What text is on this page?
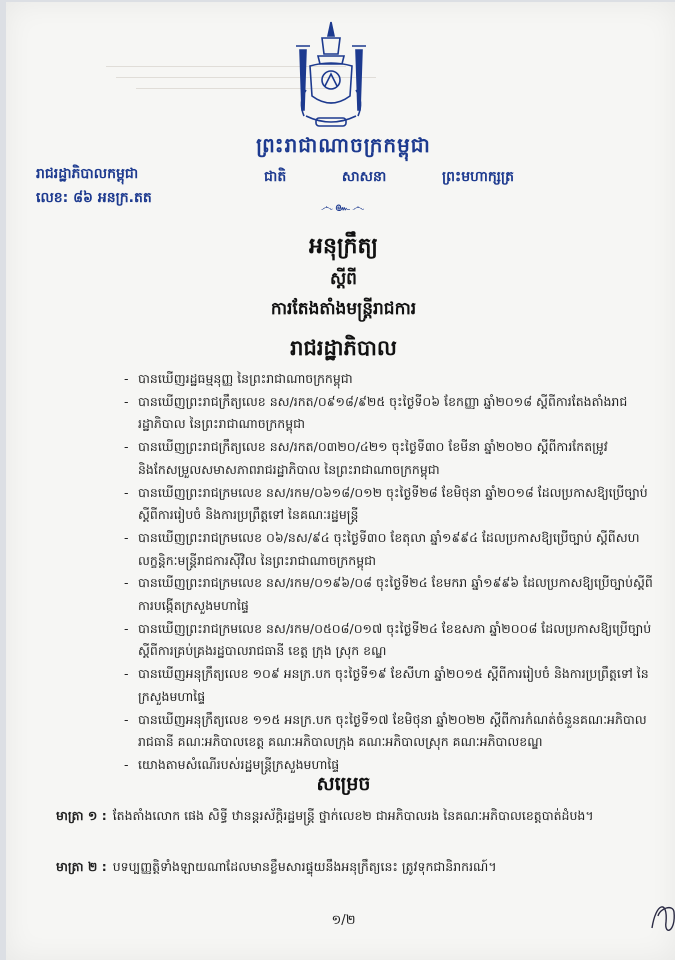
ព្រះរាជាណាចក្រកម្ពុជា
ជាតិ	សាសនា	ព្រះមហាក្សត្រ
෴๛෴
រាជរដ្ឋាភិបាលកម្ពុជា
លេខ: ៨៦ អនក្រ.តត
អនុក្រឹត្យ
ស្តីពី
ការតែងតាំងមន្ត្រីរាជការ
រាជរដ្ឋាភិបាល
- បានឃើញរដ្ឋធម្មនុញ្ញ នៃព្រះរាជាណាចក្រកម្ពុជា
- បានឃើញព្រះរាជក្រឹត្យលេខ នស/រកត/០៩១៨/៩២៥ ចុះថ្ងៃទី០៦ ខែកញ្ញា ឆ្នាំ២០១៨ ស្តីពីការតែងតាំងរាជរដ្ឋាភិបាល នៃព្រះរាជាណាចក្រកម្ពុជា
- បានឃើញព្រះរាជក្រឹត្យលេខ នស/រកត/០៣២០/៤២១ ចុះថ្ងៃទី៣០ ខែមីនា ឆ្នាំ២០២០ ស្តីពីការកែតម្រូវ និងកែសម្រួលសមាសភាពរាជរដ្ឋាភិបាល នៃព្រះរាជាណាចក្រកម្ពុជា
- បានឃើញព្រះរាជក្រមលេខ នស/រកម/០៦១៨/០១២ ចុះថ្ងៃទី២៨ ខែមិថុនា ឆ្នាំ២០១៨ ដែលប្រកាសឱ្យប្រើច្បាប់ស្តីពីការរៀបចំ និងការប្រព្រឹត្តទៅ នៃគណៈរដ្ឋមន្ត្រី
- បានឃើញព្រះរាជក្រមលេខ ០៦/នស/៩៤ ចុះថ្ងៃទី៣០ ខែតុលា ឆ្នាំ១៩៩៤ ដែលប្រកាសឱ្យប្រើច្បាប់ ស្តីពីសហលក្ខន្តិកៈមន្ត្រីរាជការស៊ីវិល នៃព្រះរាជាណាចក្រកម្ពុជា
- បានឃើញព្រះរាជក្រមលេខ នស/រកម/០១៩៦/០៨ ចុះថ្ងៃទី២៤ ខែមករា ឆ្នាំ១៩៩៦ ដែលប្រកាសឱ្យប្រើច្បាប់ស្តីពីការបង្កើតក្រសួងមហាផ្ទៃ
- បានឃើញព្រះរាជក្រមលេខ នស/រកម/០៥០៨/០១៧ ចុះថ្ងៃទី២៤ ខែឧសភា ឆ្នាំ២០០៨ ដែលប្រកាសឱ្យប្រើច្បាប់ស្តីពីការគ្រប់គ្រងរដ្ឋបាលរាជធានី ខេត្ត ក្រុង ស្រុក ខណ្ឌ
- បានឃើញអនុក្រឹត្យលេខ ១០៩ អនក្រ.បក ចុះថ្ងៃទី១៩ ខែសីហា ឆ្នាំ២០១៥ ស្តីពីការរៀបចំ និងការប្រព្រឹត្តទៅ នៃក្រសួងមហាផ្ទៃ
- បានឃើញអនុក្រឹត្យលេខ ១១៥ អនក្រ.បក ចុះថ្ងៃទី១៧ ខែមិថុនា ឆ្នាំ២០២២ ស្តីពីការកំណត់ចំនួនគណៈអភិបាលរាជធានី គណៈអភិបាលខេត្ត គណៈអភិបាលក្រុង គណៈអភិបាលស្រុក គណៈអភិបាលខណ្ឌ
- យោងតាមសំណើរបស់រដ្ឋមន្ត្រីក្រសួងមហាផ្ទៃ
សម្រេច
មាត្រា ១ : តែងតាំងលោក ផេង សិទ្ធី ឋានន្តរស័ក្តិរដ្ឋមន្ត្រី ថ្នាក់លេខ២ ជាអភិបាលរង នៃគណៈអភិបាលខេត្តបាត់ដំបង។
មាត្រា ២ : បទប្បញ្ញត្តិទាំងឡាយណាដែលមានខ្លឹមសារផ្ទុយនឹងអនុក្រឹត្យនេះ ត្រូវទុកជានិរាករណ៍។
១/២
